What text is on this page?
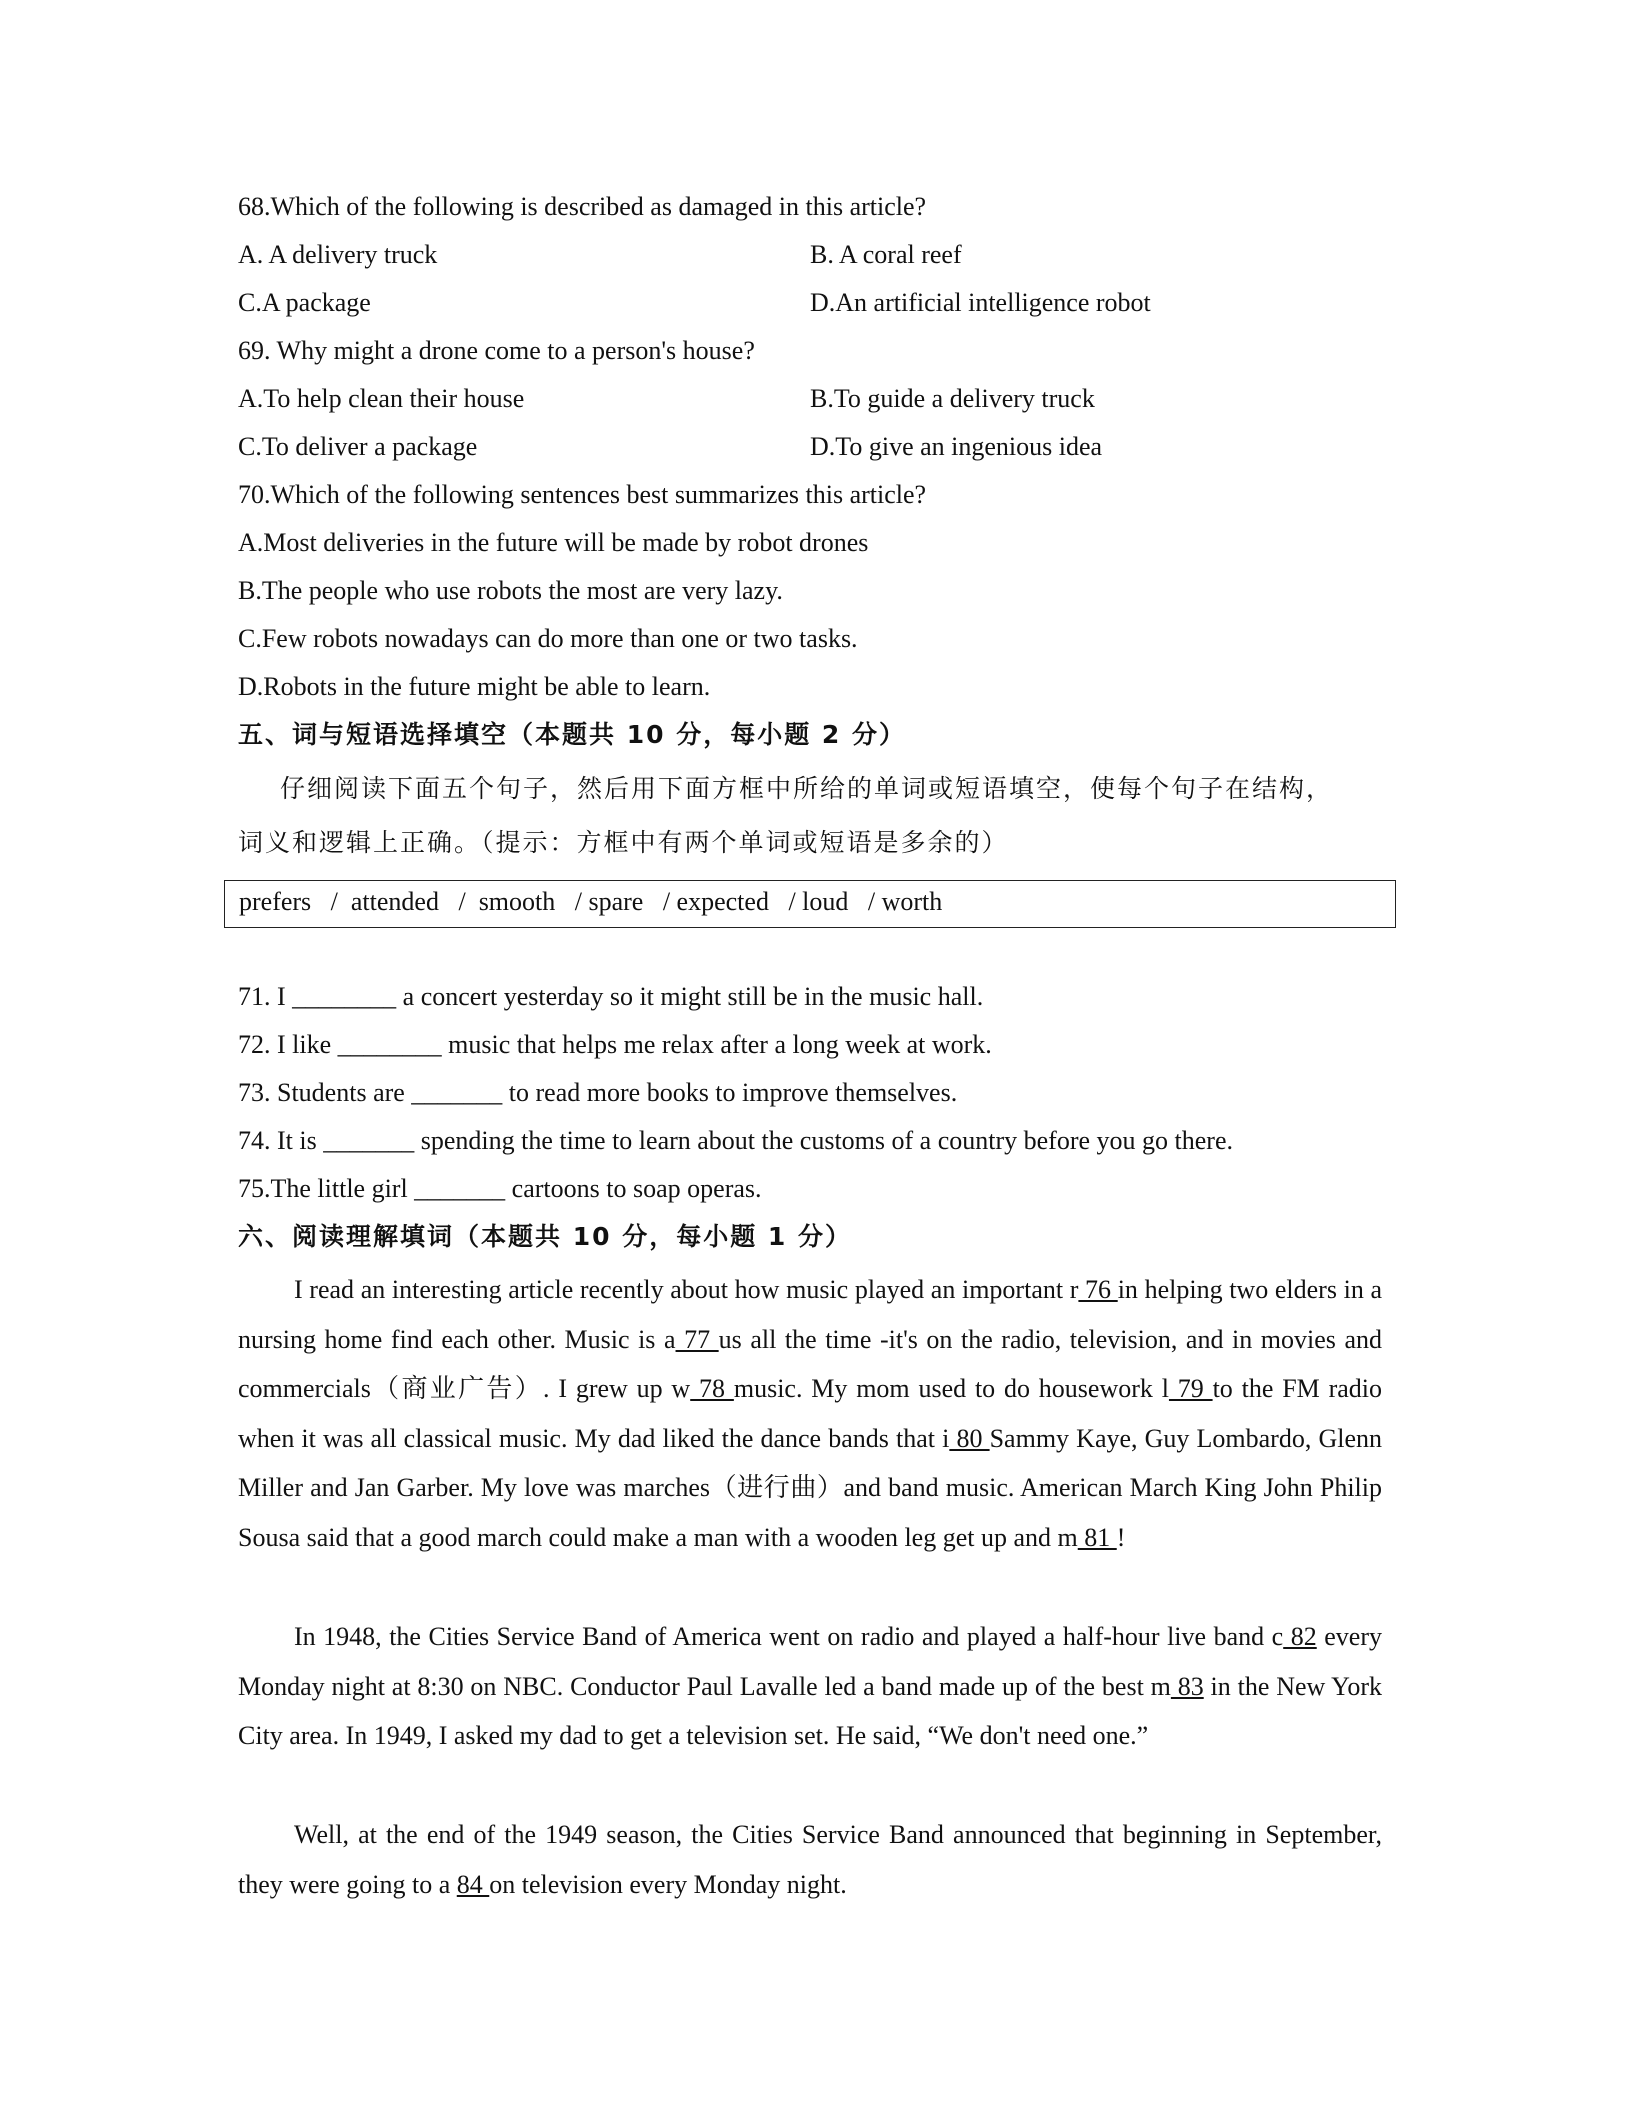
68.Which of the following is described as damaged in this article?

A. A delivery truck	B. A coral reef

C.A package	D.An artificial intelligence robot

69. Why might a drone come to a person's house?

A.To help clean their house	B.To guide a delivery truck

C.To deliver a package	D.To give an ingenious idea

70.Which of the following sentences best summarizes this article?

A.Most deliveries in the future will be made by robot drones

B.The people who use robots the most are very lazy.

C.Few robots nowadays can do more than one or two tasks.

D.Robots in the future might be able to learn.

五、词与短语选择填空（本题共 10 分，每小题 2 分）

仔细阅读下面五个句子，然后用下面方框中所给的单词或短语填空，使每个句子在结构，

词义和逻辑上正确。（提示：方框中有两个单词或短语是多余的）

prefers   /  attended   /  smooth   / spare   / expected   / loud   / worth

71. I ________ a concert yesterday so it might still be in the music hall.

72. I like ________ music that helps me relax after a long week at work.

73. Students are _______ to read more books to improve themselves.

74. It is _______ spending the time to learn about the customs of a country before you go there.

75.The little girl _______ cartoons to soap operas.

六、阅读理解填词（本题共 10 分，每小题 1 分）

I read an interesting article recently about how music played an important r 76 in helping two elders in a nursing home find each other. Music is a 77 us all the time -it's on the radio, television, and in movies and commercials（商业广告）. I grew up w 78 music. My mom used to do housework l 79 to the FM radio when it was all classical music. My dad liked the dance bands that i 80 Sammy Kaye, Guy Lombardo, Glenn Miller and Jan Garber. My love was marches（进行曲）and band music. American March King John Philip Sousa said that a good march could make a man with a wooden leg get up and m 81 !

In 1948, the Cities Service Band of America went on radio and played a half-hour live band c 82 every Monday night at 8:30 on NBC. Conductor Paul Lavalle led a band made up of the best m 83 in the New York City area. In 1949, I asked my dad to get a television set. He said, “We don't need one.”

Well, at the end of the 1949 season, the Cities Service Band announced that beginning in September, they were going to a 84 on television every Monday night.
